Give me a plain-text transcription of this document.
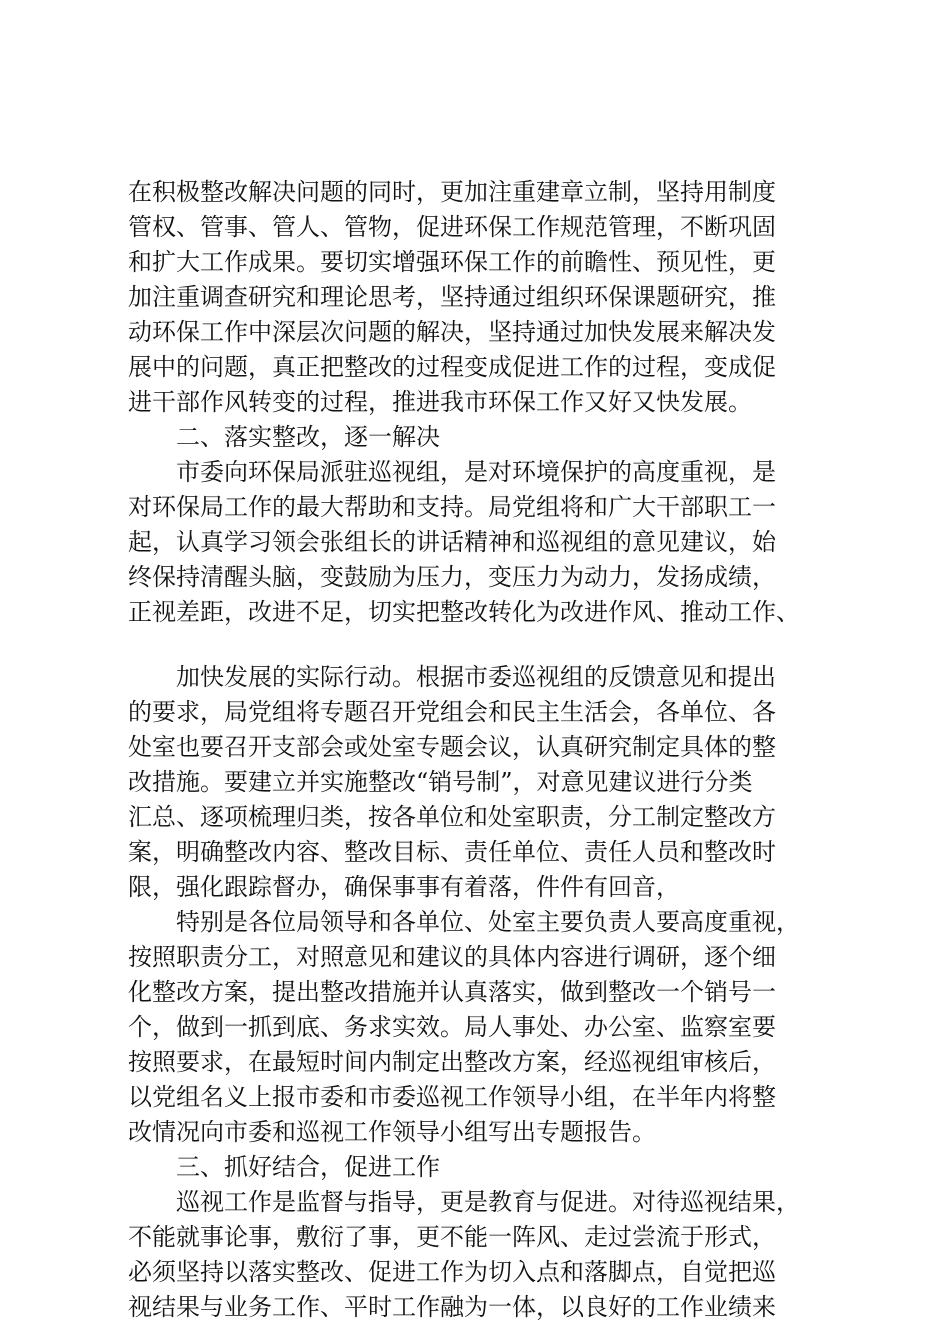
在积极整改解决问题的同时，更加注重建章立制，坚持用制度
管权、管事、管人、管物，促进环保工作规范管理，不断巩固
和扩大工作成果。要切实增强环保工作的前瞻性、预见性，更
加注重调查研究和理论思考，坚持通过组织环保课题研究，推
动环保工作中深层次问题的解决，坚持通过加快发展来解决发
展中的问题，真正把整改的过程变成促进工作的过程，变成促
进干部作风转变的过程，推进我市环保工作又好又快发展。
二、落实整改，逐一解决
市委向环保局派驻巡视组，是对环境保护的高度重视，是
对环保局工作的最大帮助和支持。局党组将和广大干部职工一
起，认真学习领会张组长的讲话精神和巡视组的意见建议，始
终保持清醒头脑，变鼓励为压力，变压力为动力，发扬成绩，
正视差距，改进不足，切实把整改转化为改进作风、推动工作、
加快发展的实际行动。根据市委巡视组的反馈意见和提出
的要求，局党组将专题召开党组会和民主生活会，各单位、各
处室也要召开支部会或处室专题会议，认真研究制定具体的整
改措施。要建立并实施整改“销号制”，对意见建议进行分类
汇总、逐项梳理归类，按各单位和处室职责，分工制定整改方
案，明确整改内容、整改目标、责任单位、责任人员和整改时
限，强化跟踪督办，确保事事有着落，件件有回音，
特别是各位局领导和各单位、处室主要负责人要高度重视，
按照职责分工，对照意见和建议的具体内容进行调研，逐个细
化整改方案，提出整改措施并认真落实，做到整改一个销号一
个，做到一抓到底、务求实效。局人事处、办公室、监察室要
按照要求，在最短时间内制定出整改方案，经巡视组审核后，
以党组名义上报市委和市委巡视工作领导小组，在半年内将整
改情况向市委和巡视工作领导小组写出专题报告。
三、抓好结合，促进工作
巡视工作是监督与指导，更是教育与促进。对待巡视结果，
不能就事论事，敷衍了事，更不能一阵风、走过尝流于形式，
必须坚持以落实整改、促进工作为切入点和落脚点，自觉把巡
视结果与业务工作、平时工作融为一体，以良好的工作业绩来
